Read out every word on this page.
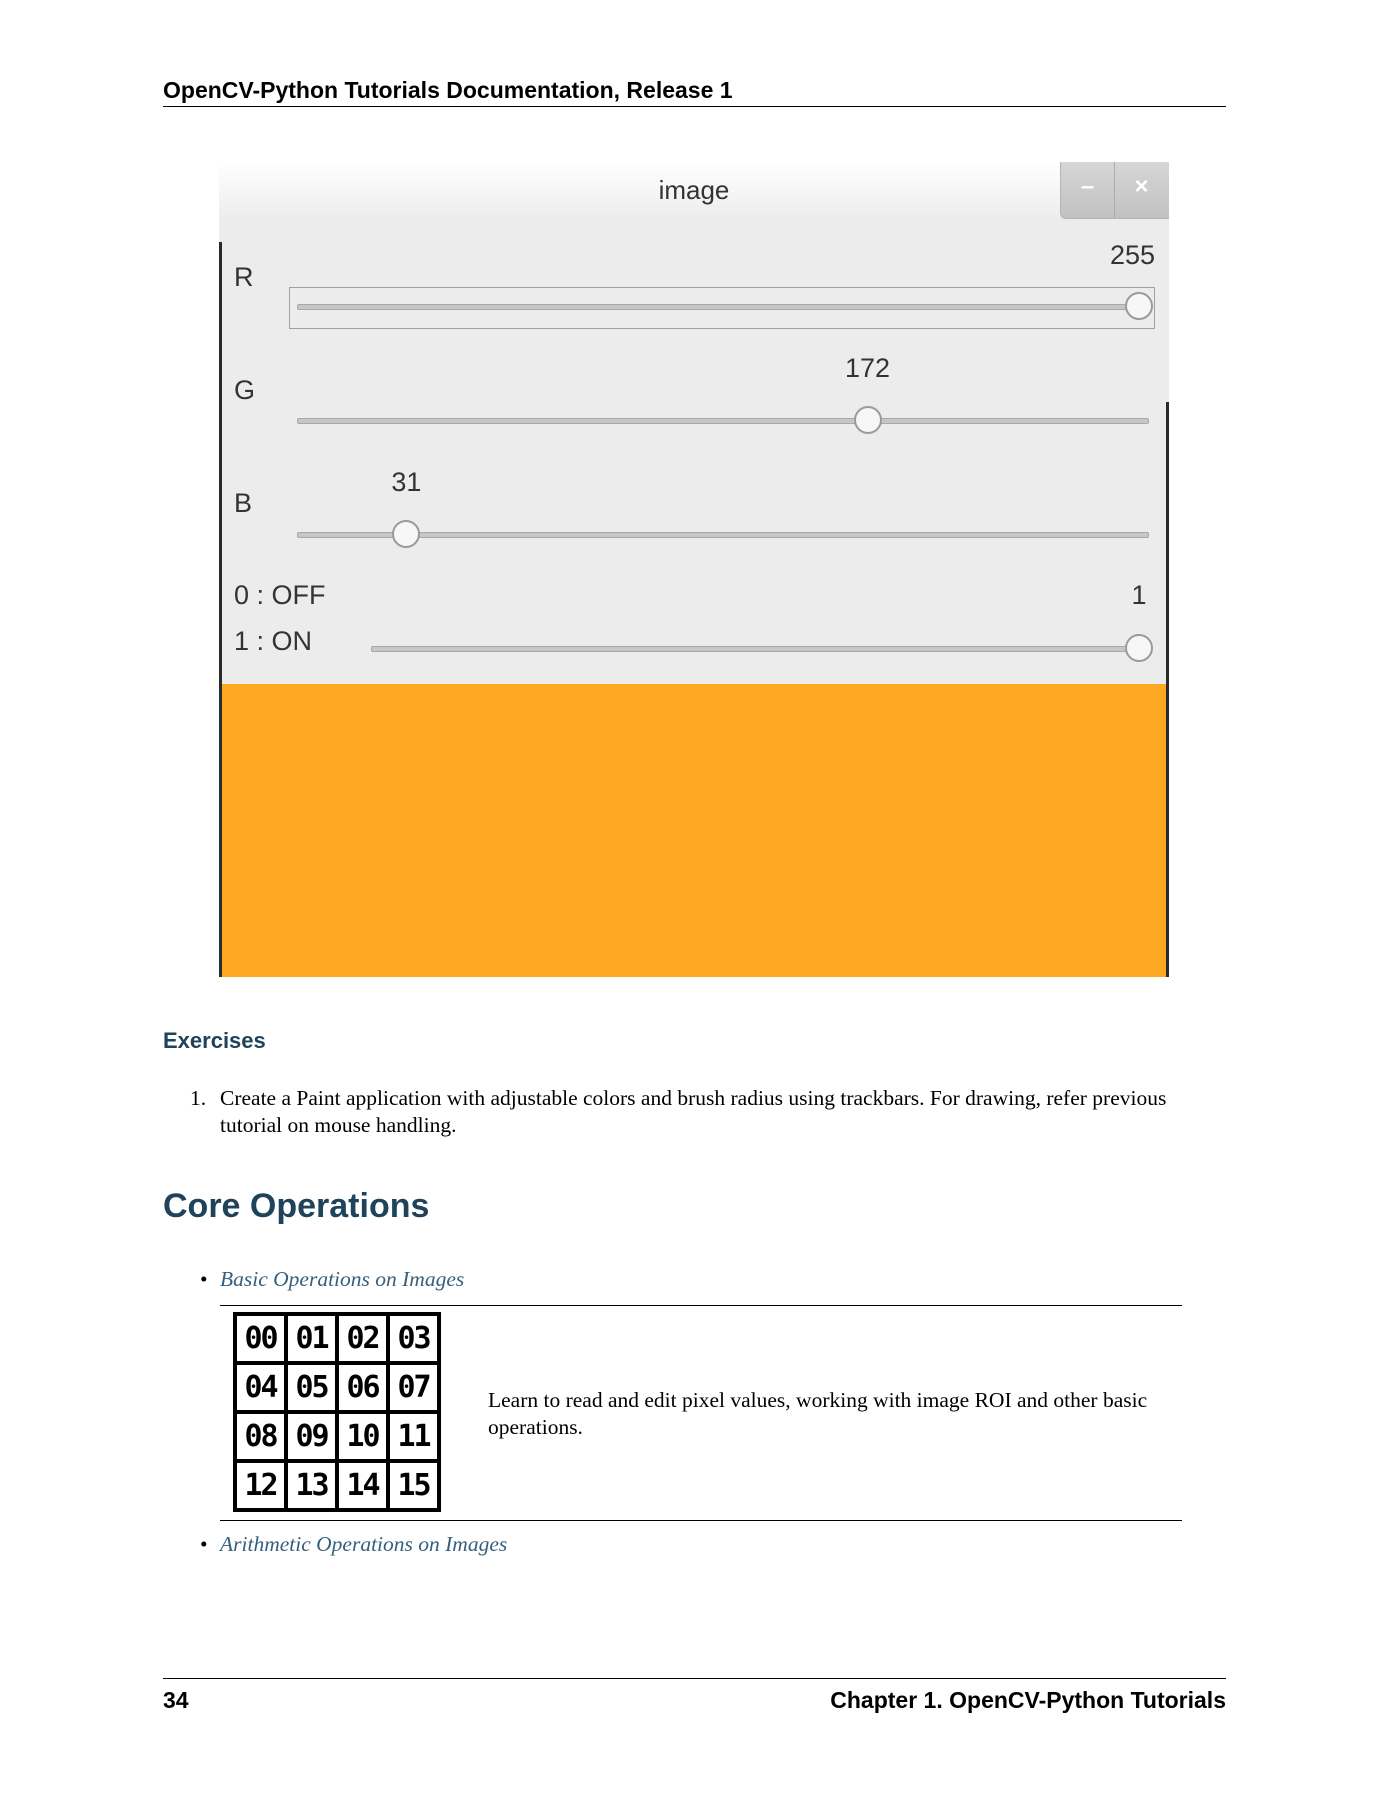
OpenCV-Python Tutorials Documentation, Release 1
image	–	×
R
255
G
172
B
31
0 : OFF
1 : ON
1
Exercises
1. Create a Paint application with adjustable colors and brush radius using trackbars. For drawing, refer previous tutorial on mouse handling.
Core Operations
• Basic Operations on Images
00 01 02 03
04 05 06 07
08 09 10 11
12 13 14 15
Learn to read and edit pixel values, working with image ROI and other basic operations.
• Arithmetic Operations on Images
34	Chapter 1. OpenCV-Python Tutorials
